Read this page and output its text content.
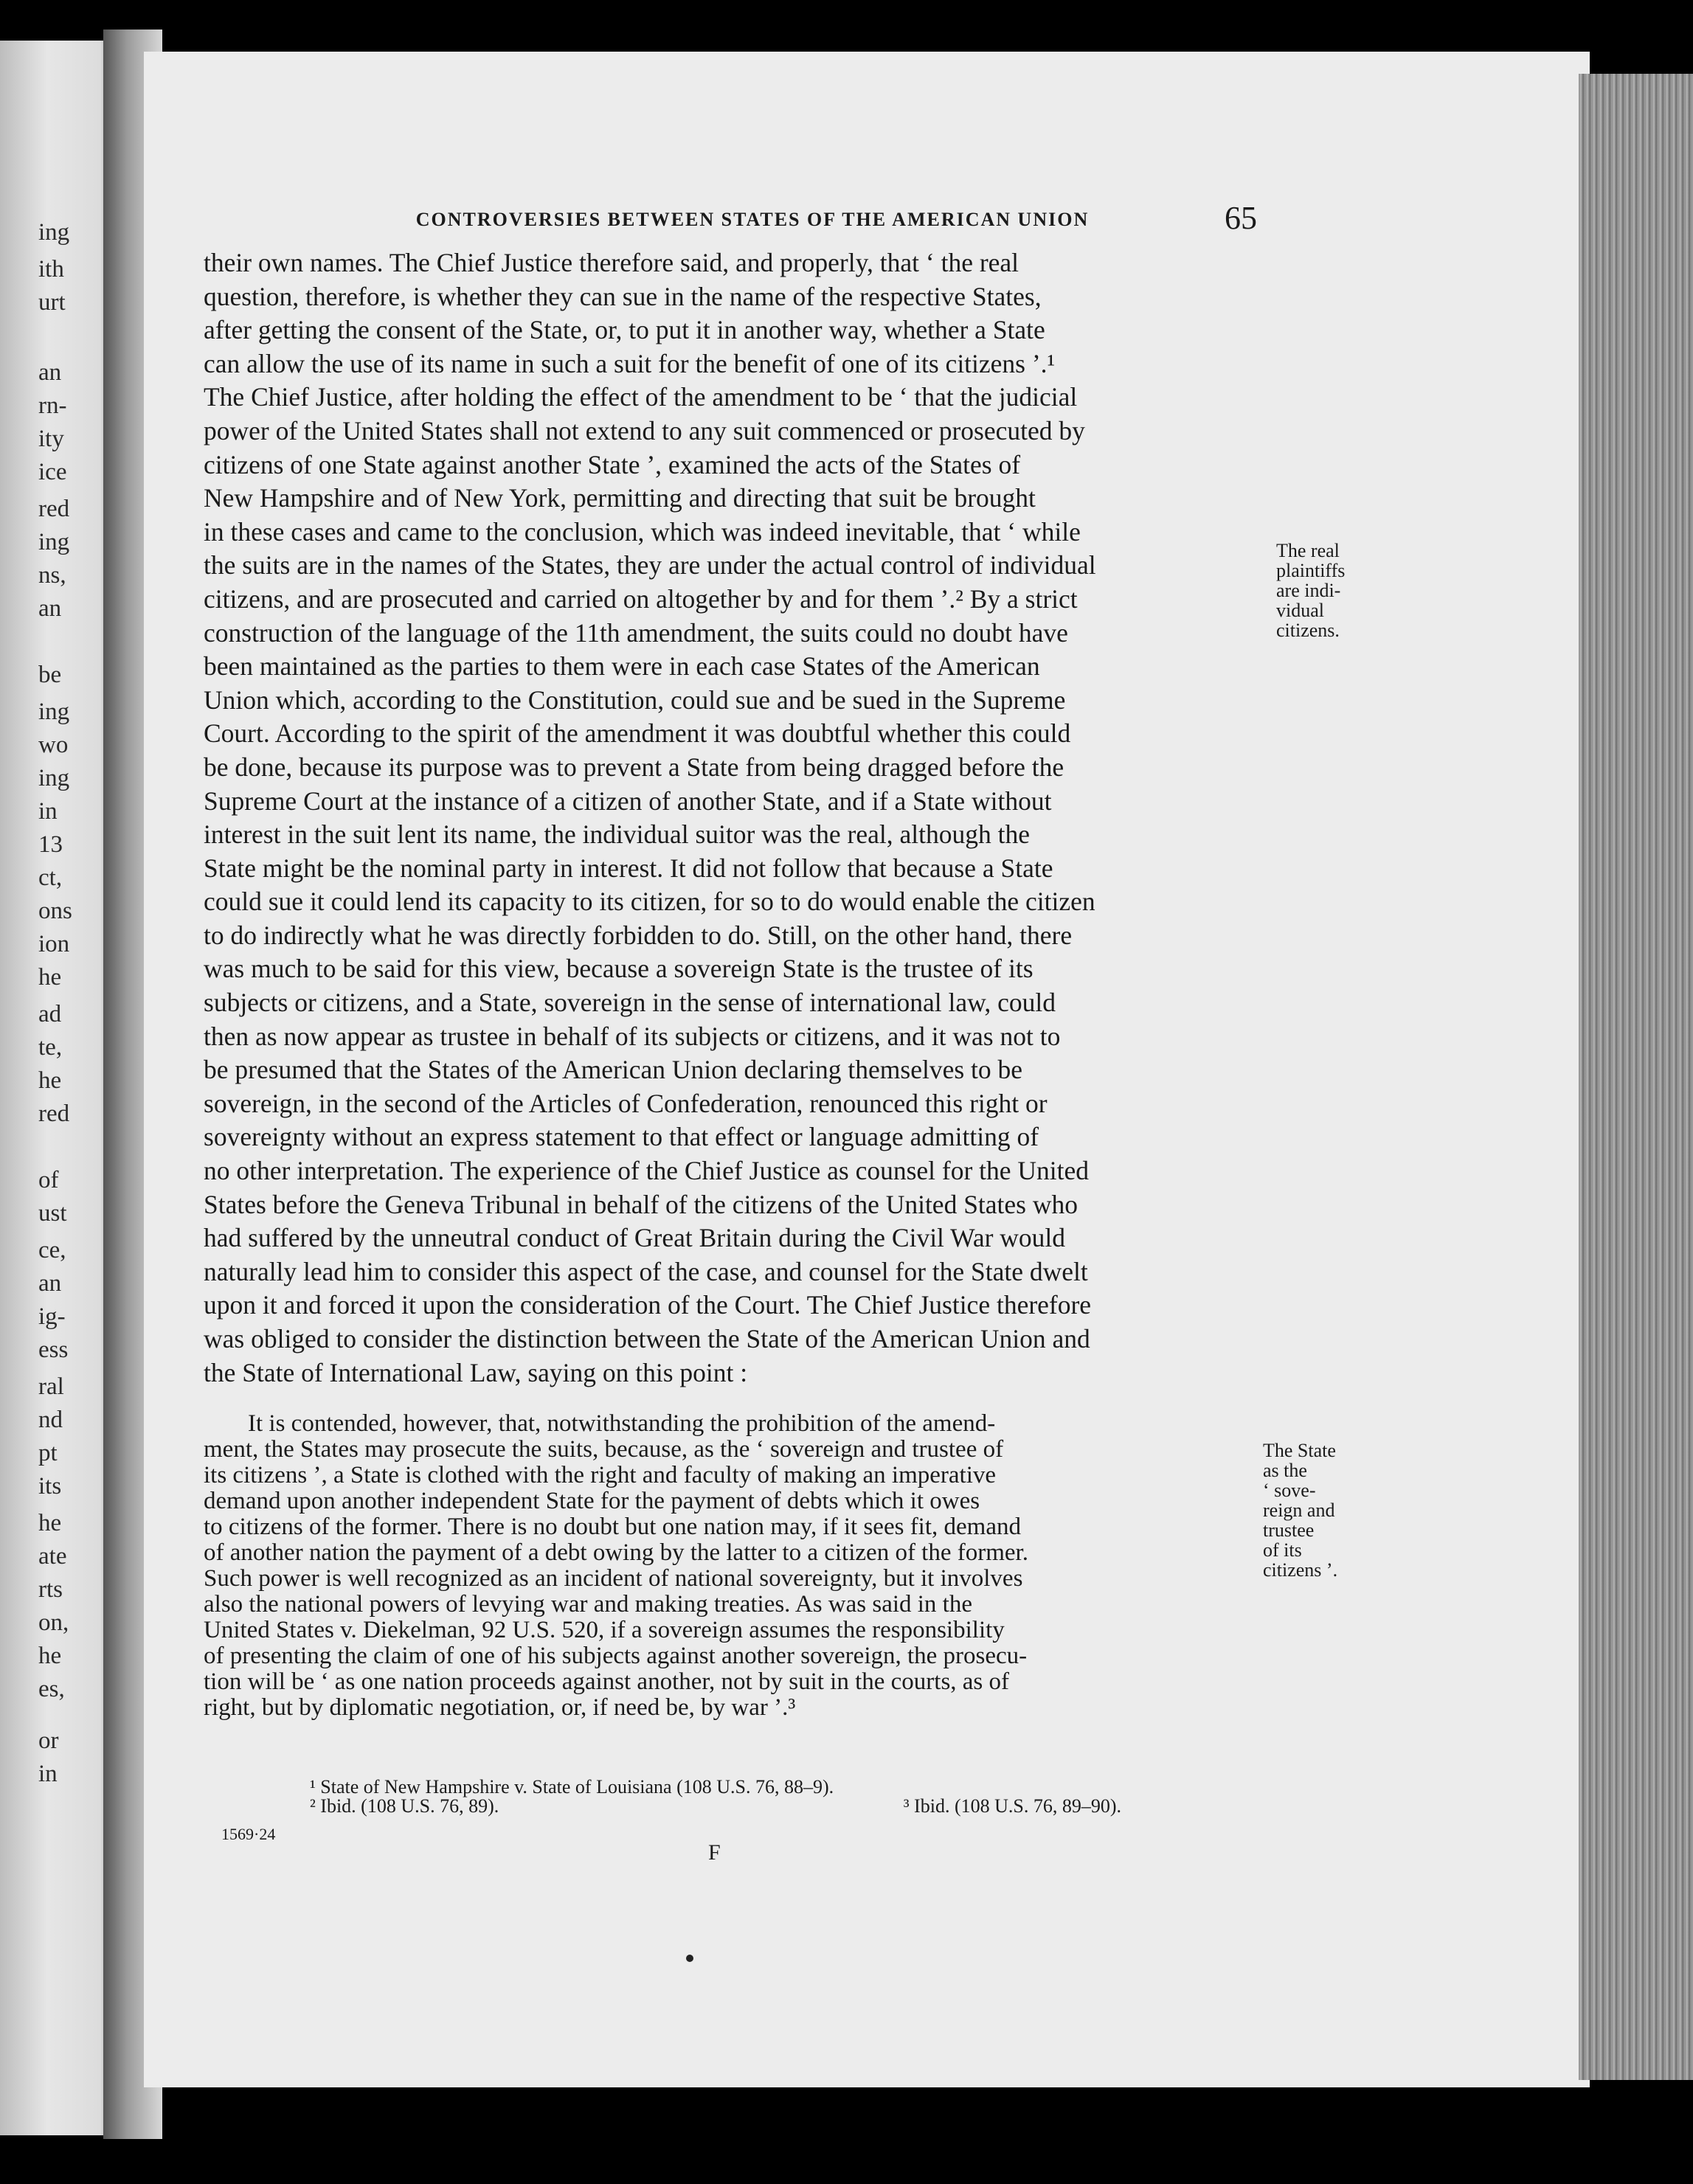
ing
ith
urt
an
rn-
ity
ice
red
ing
ns,
an
be
ing
wo
ing
in
13
ct,
ons
ion
he
ad
te,
he
red
of
ust
ce,
an
ig-
ess
ral
nd
pt
its
he
ate
rts
on,
he
es,
or
in
CONTROVERSIES BETWEEN STATES OF THE AMERICAN UNION	65
their own names. The Chief Justice therefore said, and properly, that ‘ the real
question, therefore, is whether they can sue in the name of the respective States,
after getting the consent of the State, or, to put it in another way, whether a State
can allow the use of its name in such a suit for the benefit of one of its citizens ’.¹
The Chief Justice, after holding the effect of the amendment to be ‘ that the judicial
power of the United States shall not extend to any suit commenced or prosecuted by
citizens of one State against another State ’, examined the acts of the States of
New Hampshire and of New York, permitting and directing that suit be brought
in these cases and came to the conclusion, which was indeed inevitable, that ‘ while
the suits are in the names of the States, they are under the actual control of individual
citizens, and are prosecuted and carried on altogether by and for them ’.² By a strict
construction of the language of the 11th amendment, the suits could no doubt have
been maintained as the parties to them were in each case States of the American
Union which, according to the Constitution, could sue and be sued in the Supreme
Court. According to the spirit of the amendment it was doubtful whether this could
be done, because its purpose was to prevent a State from being dragged before the
Supreme Court at the instance of a citizen of another State, and if a State without
interest in the suit lent its name, the individual suitor was the real, although the
State might be the nominal party in interest. It did not follow that because a State
could sue it could lend its capacity to its citizen, for so to do would enable the citizen
to do indirectly what he was directly forbidden to do. Still, on the other hand, there
was much to be said for this view, because a sovereign State is the trustee of its
subjects or citizens, and a State, sovereign in the sense of international law, could
then as now appear as trustee in behalf of its subjects or citizens, and it was not to
be presumed that the States of the American Union declaring themselves to be
sovereign, in the second of the Articles of Confederation, renounced this right or
sovereignty without an express statement to that effect or language admitting of
no other interpretation. The experience of the Chief Justice as counsel for the United
States before the Geneva Tribunal in behalf of the citizens of the United States who
had suffered by the unneutral conduct of Great Britain during the Civil War would
naturally lead him to consider this aspect of the case, and counsel for the State dwelt
upon it and forced it upon the consideration of the Court. The Chief Justice therefore
was obliged to consider the distinction between the State of the American Union and
the State of International Law, saying on this point :
The real
plaintiffs
are indi-
vidual
citizens.
It is contended, however, that, notwithstanding the prohibition of the amend-
ment, the States may prosecute the suits, because, as the ‘ sovereign and trustee of
its citizens ’, a State is clothed with the right and faculty of making an imperative
demand upon another independent State for the payment of debts which it owes
to citizens of the former. There is no doubt but one nation may, if it sees fit, demand
of another nation the payment of a debt owing by the latter to a citizen of the former.
Such power is well recognized as an incident of national sovereignty, but it involves
also the national powers of levying war and making treaties. As was said in the
United States v. Diekelman, 92 U.S. 520, if a sovereign assumes the responsibility
of presenting the claim of one of his subjects against another sovereign, the prosecu-
tion will be ‘ as one nation proceeds against another, not by suit in the courts, as of
right, but by diplomatic negotiation, or, if need be, by war ’.³
The State
as the
‘ sove-
reign and
trustee
of its
citizens ’.
¹ State of New Hampshire v. State of Louisiana (108 U.S. 76, 88–9).
² Ibid. (108 U.S. 76, 89).	³ Ibid. (108 U.S. 76, 89–90).
1569·24
F
